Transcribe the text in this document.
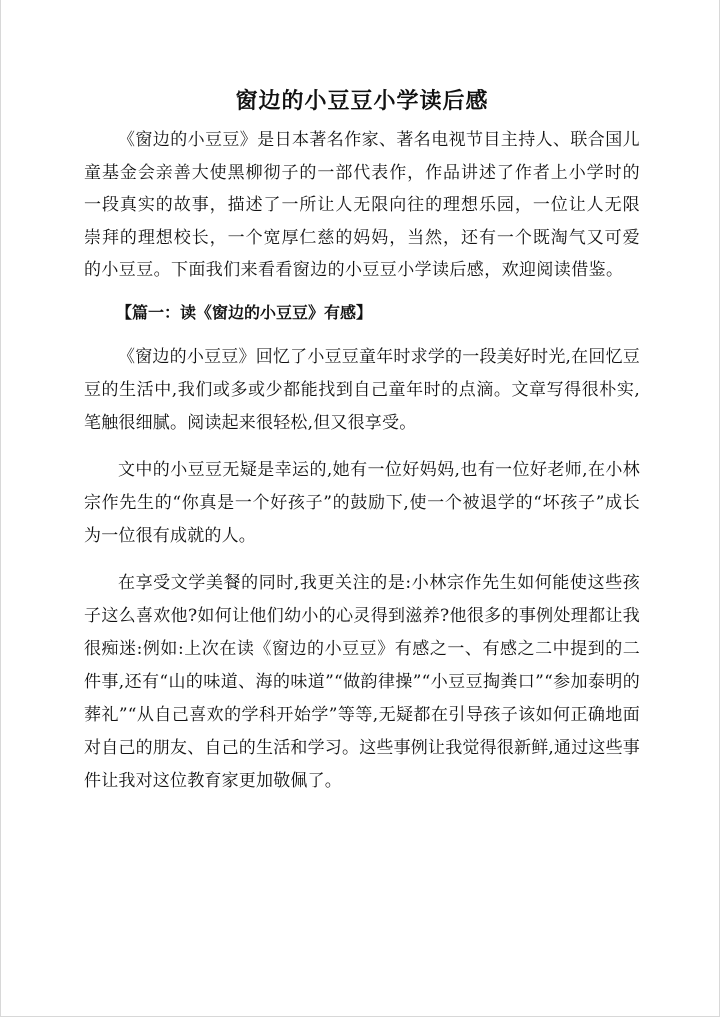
窗边的小豆豆小学读后感

《窗边的小豆豆》是日本著名作家、著名电视节目主持人、联合国儿童基金会亲善大使黑柳彻子的一部代表作，作品讲述了作者上小学时的一段真实的故事，描述了一所让人无限向往的理想乐园，一位让人无限崇拜的理想校长，一个宽厚仁慈的妈妈，当然，还有一个既淘气又可爱的小豆豆。下面我们来看看窗边的小豆豆小学读后感，欢迎阅读借鉴。

【篇一：读《窗边的小豆豆》有感】

《窗边的小豆豆》回忆了小豆豆童年时求学的一段美好时光,在回忆豆豆的生活中,我们或多或少都能找到自己童年时的点滴。文章写得很朴实,笔触很细腻。阅读起来很轻松,但又很享受。

文中的小豆豆无疑是幸运的,她有一位好妈妈,也有一位好老师,在小林宗作先生的“你真是一个好孩子”的鼓励下,使一个被退学的“坏孩子”成长为一位很有成就的人。

在享受文学美餐的同时,我更关注的是:小林宗作先生如何能使这些孩子这么喜欢他?如何让他们幼小的心灵得到滋养?他很多的事例处理都让我很痴迷:例如:上次在读《窗边的小豆豆》有感之一、有感之二中提到的二件事,还有“山的味道、海的味道”“做韵律操”“小豆豆掏粪口”“参加泰明的葬礼”“从自己喜欢的学科开始学”等等,无疑都在引导孩子该如何正确地面对自己的朋友、自己的生活和学习。这些事例让我觉得很新鲜,通过这些事件让我对这位教育家更加敬佩了。
